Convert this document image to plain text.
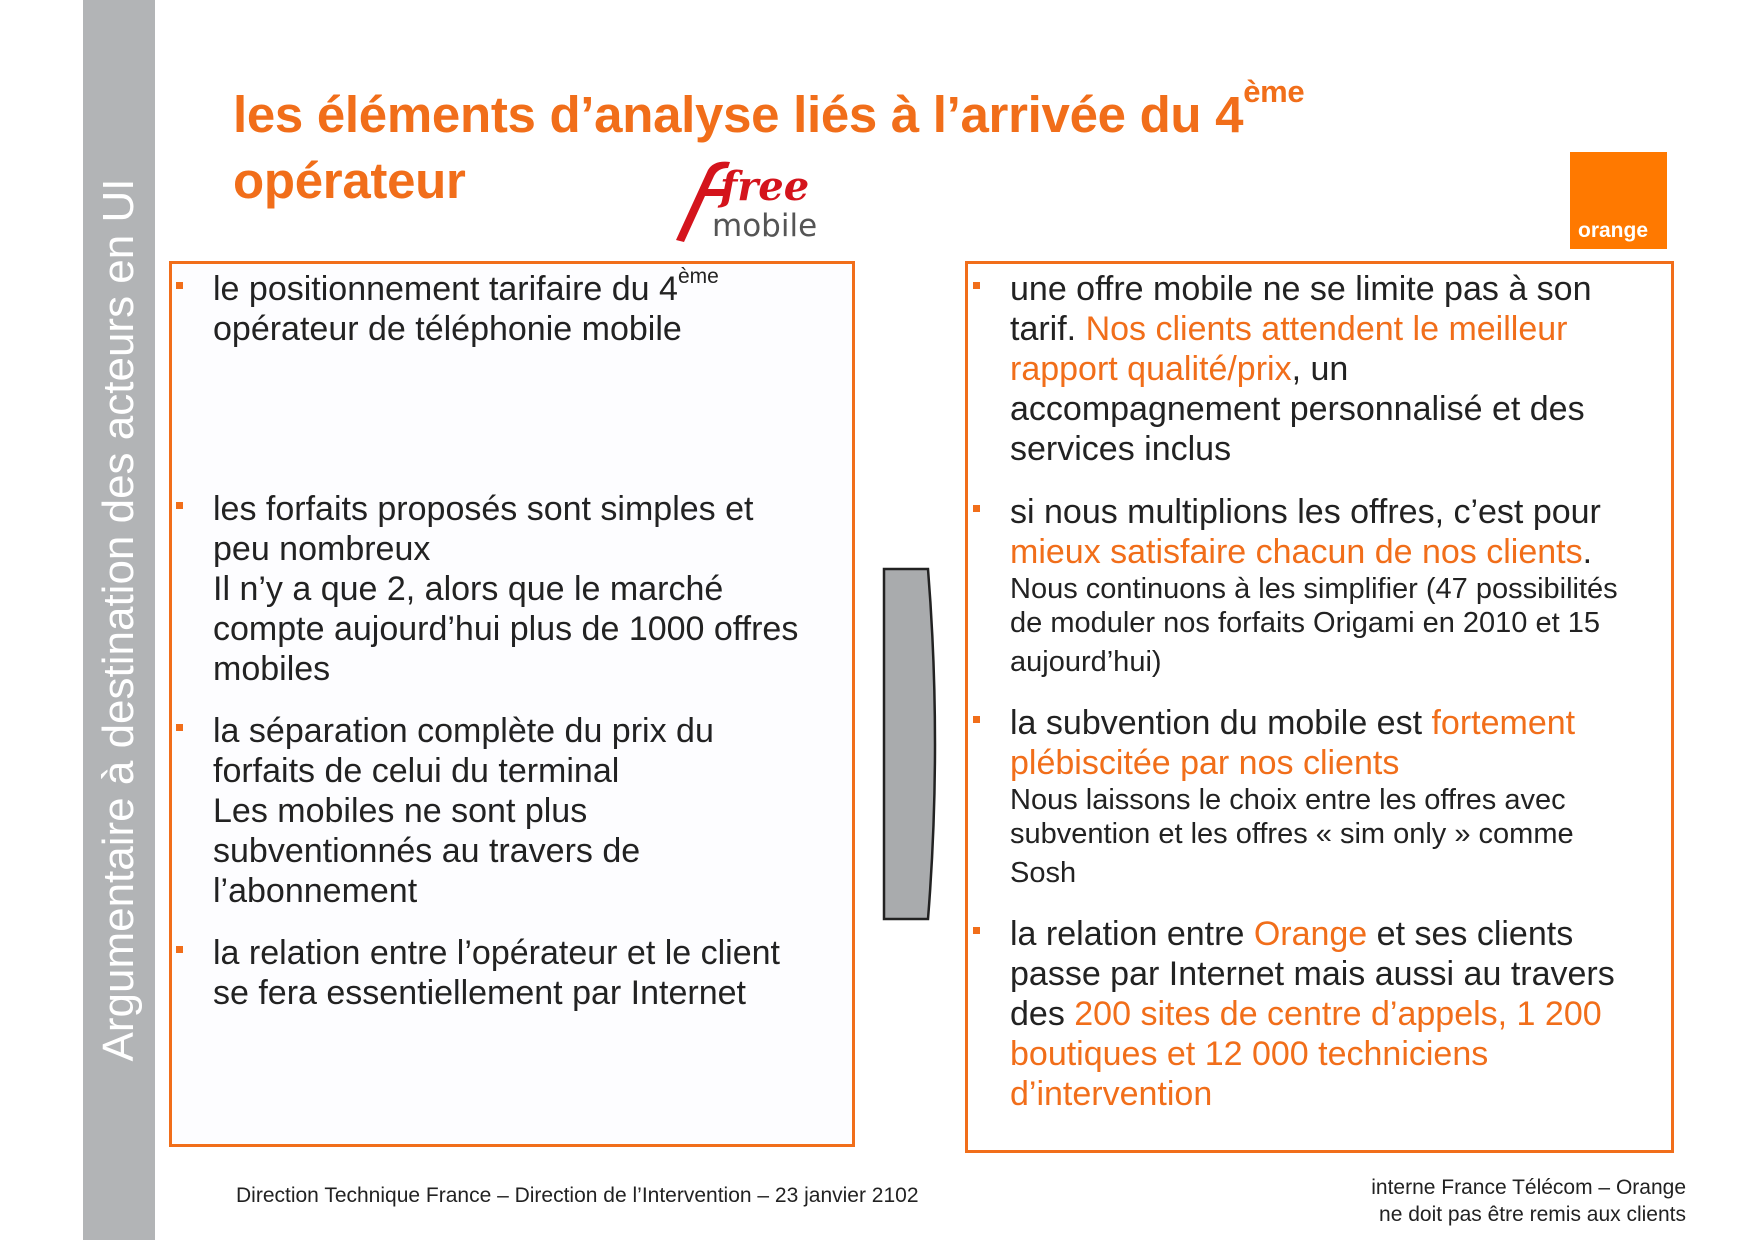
Argumentaire à destination des acteurs en UI
les éléments d’analyse liés à l’arrivée du 4ème
opérateur	free
mobile	orange
le positionnement tarifaire du 4ème
opérateur de téléphonie mobile
les forfaits proposés sont simples et
peu nombreux
Il n’y a que 2, alors que le marché
compte aujourd’hui plus de 1000 offres
mobiles
la séparation complète du prix du
forfaits de celui du terminal
Les mobiles ne sont plus
subventionnés au travers de
l’abonnement
la relation entre l’opérateur et le client
se fera essentiellement par Internet
une offre mobile ne se limite pas à son
tarif. Nos clients attendent le meilleur
rapport qualité/prix, un
accompagnement personnalisé et des
services inclus
si nous multiplions les offres, c’est pour
mieux satisfaire chacun de nos clients.
Nous continuons à les simplifier (47 possibilités
de moduler nos forfaits Origami en 2010 et 15
aujourd’hui)
la subvention du mobile est fortement
plébiscitée par nos clients
Nous laissons le choix entre les offres avec
subvention et les offres « sim only » comme
Sosh
la relation entre Orange et ses clients
passe par Internet mais aussi au travers
des 200 sites de centre d’appels, 1 200
boutiques et 12 000 techniciens
d’intervention
Direction Technique France – Direction de l’Intervention – 23 janvier 2102	interne France Télécom – Orange
ne doit pas être remis aux clients
